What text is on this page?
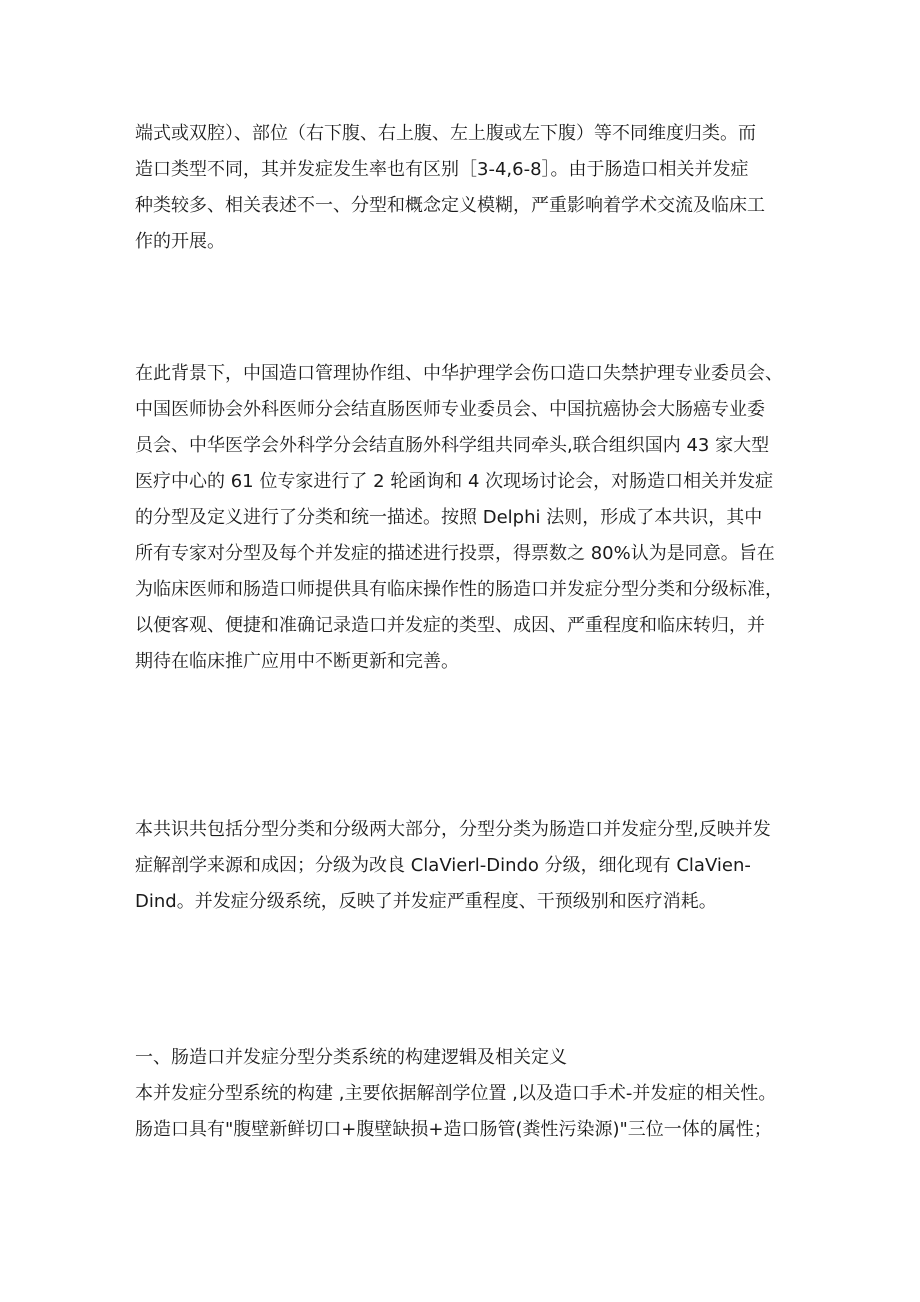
端式或双腔）、部位（右下腹、右上腹、左上腹或左下腹）等不同维度归类。而
造口类型不同，其并发症发生率也有区别［3-4,6-8］。由于肠造口相关并发症
种类较多、相关表述不一、分型和概念定义模糊，严重影响着学术交流及临床工
作的开展。
在此背景下，中国造口管理协作组、中华护理学会伤口造口失禁护理专业委员会、
中国医师协会外科医师分会结直肠医师专业委员会、中国抗癌协会大肠癌专业委
员会、中华医学会外科学分会结直肠外科学组共同牵头,联合组织国内 43 家大型
医疗中心的 61 位专家进行了 2 轮函询和 4 次现场讨论会，对肠造口相关并发症
的分型及定义进行了分类和统一描述。按照 Delphi 法则，形成了本共识，其中
所有专家对分型及每个并发症的描述进行投票，得票数之 80%认为是同意。旨在
为临床医师和肠造口师提供具有临床操作性的肠造口并发症分型分类和分级标准，
以便客观、便捷和准确记录造口并发症的类型、成因、严重程度和临床转归，并
期待在临床推广应用中不断更新和完善。
本共识共包括分型分类和分级两大部分，分型分类为肠造口并发症分型,反映并发
症解剖学来源和成因；分级为改良 ClaVierl-Dindo 分级，细化现有 ClaVien-
Dind。并发症分级系统，反映了并发症严重程度、干预级别和医疗消耗。
一、肠造口并发症分型分类系统的构建逻辑及相关定义
本并发症分型系统的构建 ,主要依据解剖学位置 ,以及造口手术-并发症的相关性。
肠造口具有"腹壁新鲜切口+腹壁缺损+造口肠管(粪性污染源)"三位一体的属性；
